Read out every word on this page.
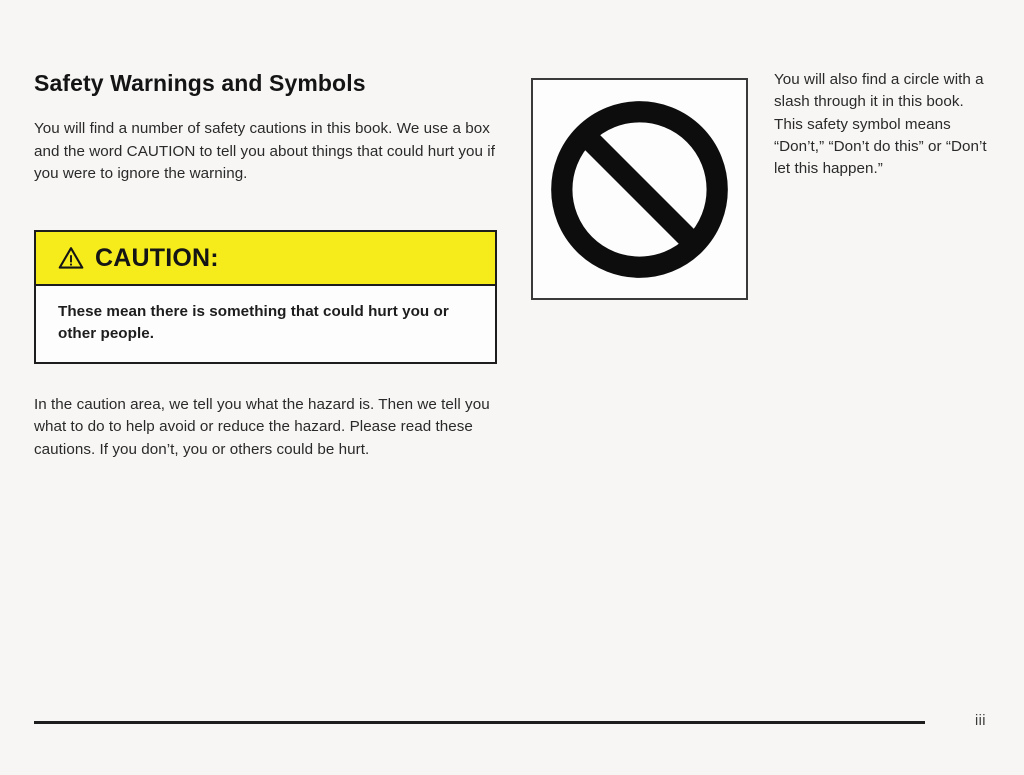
Safety Warnings and Symbols

You will find a number of safety cautions in this book. We use a box and the word CAUTION to tell you about things that could hurt you if you were to ignore the warning.

CAUTION:
These mean there is something that could hurt you or other people.

In the caution area, we tell you what the hazard is. Then we tell you what to do to help avoid or reduce the hazard. Please read these cautions. If you don’t, you or others could be hurt.

You will also find a circle with a slash through it in this book. This safety symbol means “Don’t,” “Don’t do this” or “Don’t let this happen.”

iii
